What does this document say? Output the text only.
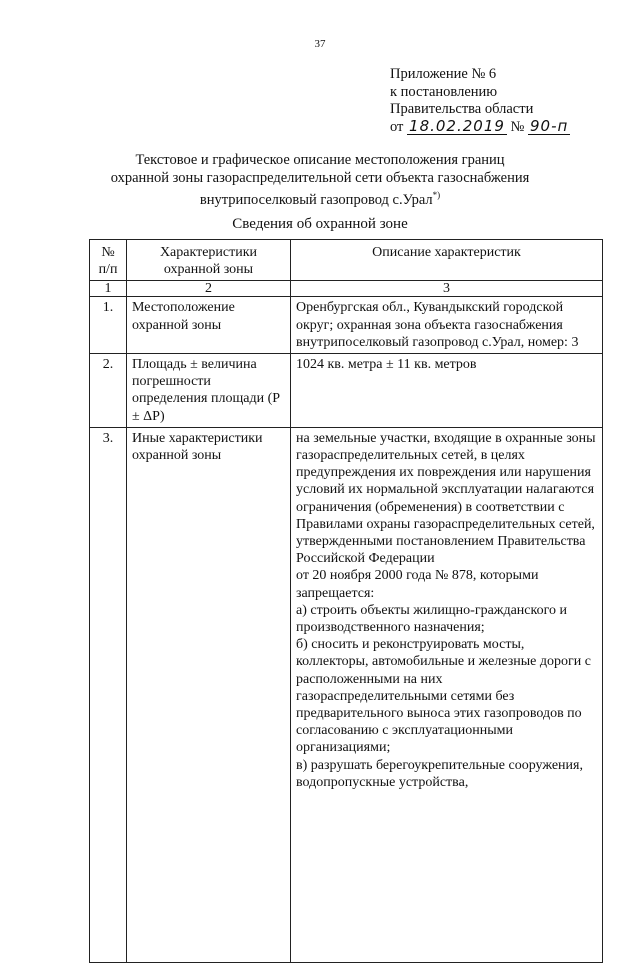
37
Приложение № 6
к постановлению
Правительства области
от 18.02.2019 № 90-п
Текстовое и графическое описание местоположения границ
охранной зоны газораспределительной сети объекта газоснабжения
внутрипоселковый газопровод с.Урал*)
Сведения об охранной зоне
№ п/п	Характеристики охранной зоны	Описание характеристик
1	2	3
1.	Местоположение охранной зоны	Оренбургская обл., Кувандыкский городской округ; охранная зона объекта газоснабжения внутрипоселковый газопровод с.Урал, номер: 3
2.	Площадь ± величина погрешности определения площади (P ± ΔP)	1024 кв. метра ± 11 кв. метров
3.	Иные характеристики охранной зоны	на земельные участки, входящие в охранные зоны газораспределительных сетей, в целях предупреждения их повреждения или нарушения условий их нормальной эксплуатации налагаются ограничения (обременения) в соответствии с Правилами охраны газораспределительных сетей, утвержденными постановлением Правительства Российской Федерации
от 20 ноября 2000 года № 878, которыми запрещается:
а) строить объекты жилищно-гражданского и производственного назначения;
б) сносить и реконструировать мосты, коллекторы, автомобильные и железные дороги с расположенными на них газораспределительными сетями без предварительного выноса этих газопроводов по согласованию с эксплуатационными организациями;
в) разрушать берегоукрепительные сооружения, водопропускные устройства,
